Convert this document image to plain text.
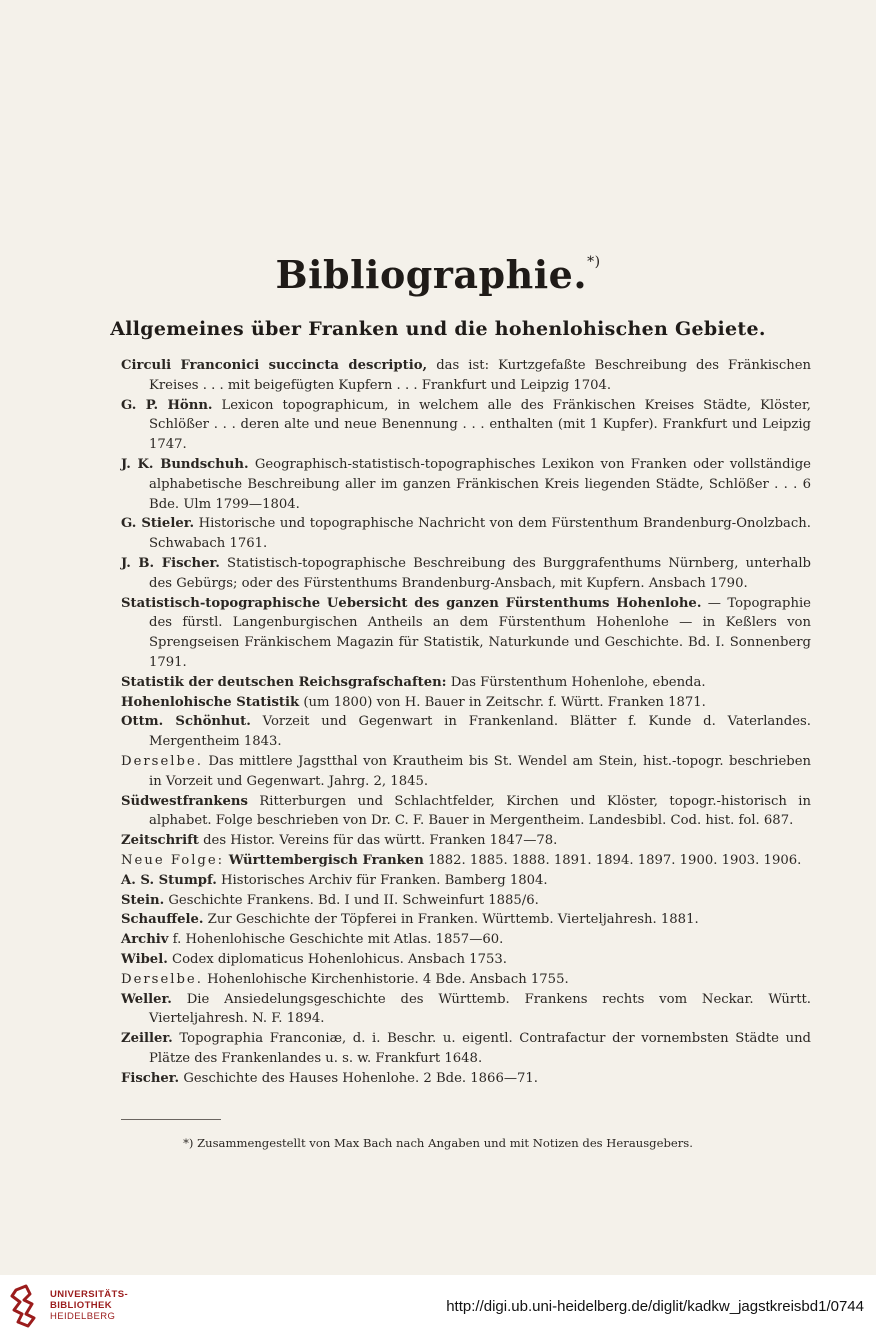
Bibliographie.*)
Allgemeines über Franken und die hohenlohischen Gebiete.

Circuli Franconici succincta descriptio, das ist: Kurtzgefaßte Beschreibung des Fränkischen Kreises . . . mit beigefügten Kupfern . . . Frankfurt und Leipzig 1704.

G. P. Hönn. Lexicon topographicum, in welchem alle des Fränkischen Kreises Städte, Klöster, Schlößer . . . deren alte und neue Benennung . . . enthalten (mit 1 Kupfer). Frankfurt und Leipzig 1747.

J. K. Bundschuh. Geographisch-statistisch-topographisches Lexikon von Franken oder vollständige alphabetische Beschreibung aller im ganzen Fränkischen Kreis liegenden Städte, Schlößer . . . 6 Bde. Ulm 1799—1804.

G. Stieler. Historische und topographische Nachricht von dem Fürstenthum Brandenburg-Onolzbach. Schwabach 1761.

J. B. Fischer. Statistisch-topographische Beschreibung des Burggrafenthums Nürnberg, unterhalb des Gebürgs; oder des Fürstenthums Brandenburg-Ansbach, mit Kupfern. Ansbach 1790.

Statistisch-topographische Uebersicht des ganzen Fürstenthums Hohenlohe. — Topographie des fürstl. Langenburgischen Antheils an dem Fürstenthum Hohenlohe — in Keßlers von Sprengseisen Fränkischem Magazin für Statistik, Naturkunde und Geschichte. Bd. I. Sonnenberg 1791.

Statistik der deutschen Reichsgrafschaften: Das Fürstenthum Hohenlohe, ebenda.

Hohenlohische Statistik (um 1800) von H. Bauer in Zeitschr. f. Württ. Franken 1871.

Ottm. Schönhut. Vorzeit und Gegenwart in Frankenland. Blätter f. Kunde d. Vaterlandes. Mergentheim 1843.

Derselbe. Das mittlere Jagstthal von Krautheim bis St. Wendel am Stein, hist.-topogr. beschrieben in Vorzeit und Gegenwart. Jahrg. 2, 1845.

Südwestfrankens Ritterburgen und Schlachtfelder, Kirchen und Klöster, topogr.-historisch in alphabet. Folge beschrieben von Dr. C. F. Bauer in Mergentheim. Landesbibl. Cod. hist. fol. 687.

Zeitschrift des Histor. Vereins für das württ. Franken 1847—78.

Neue Folge: Württembergisch Franken 1882. 1885. 1888. 1891. 1894. 1897. 1900. 1903. 1906.

A. S. Stumpf. Historisches Archiv für Franken. Bamberg 1804.

Stein. Geschichte Frankens. Bd. I und II. Schweinfurt 1885/6.

Schauffele. Zur Geschichte der Töpferei in Franken. Württemb. Vierteljahresh. 1881.

Archiv f. Hohenlohische Geschichte mit Atlas. 1857—60.

Wibel. Codex diplomaticus Hohenlohicus. Ansbach 1753.

Derselbe. Hohenlohische Kirchenhistorie. 4 Bde. Ansbach 1755.

Weller. Die Ansiedelungsgeschichte des Württemb. Frankens rechts vom Neckar. Württ. Vierteljahresh. N. F. 1894.

Zeiller. Topographia Franconiæ, d. i. Beschr. u. eigentl. Contrafactur der vornembsten Städte und Plätze des Frankenlandes u. s. w. Frankfurt 1648.

Fischer. Geschichte des Hauses Hohenlohe. 2 Bde. 1866—71.

*) Zusammengestellt von Max Bach nach Angaben und mit Notizen des Herausgebers.
UNIVERSITÄTS-
BIBLIOTHEK
HEIDELBERG
http://digi.ub.uni-heidelberg.de/diglit/kadkw_jagstkreisbd1/0744
